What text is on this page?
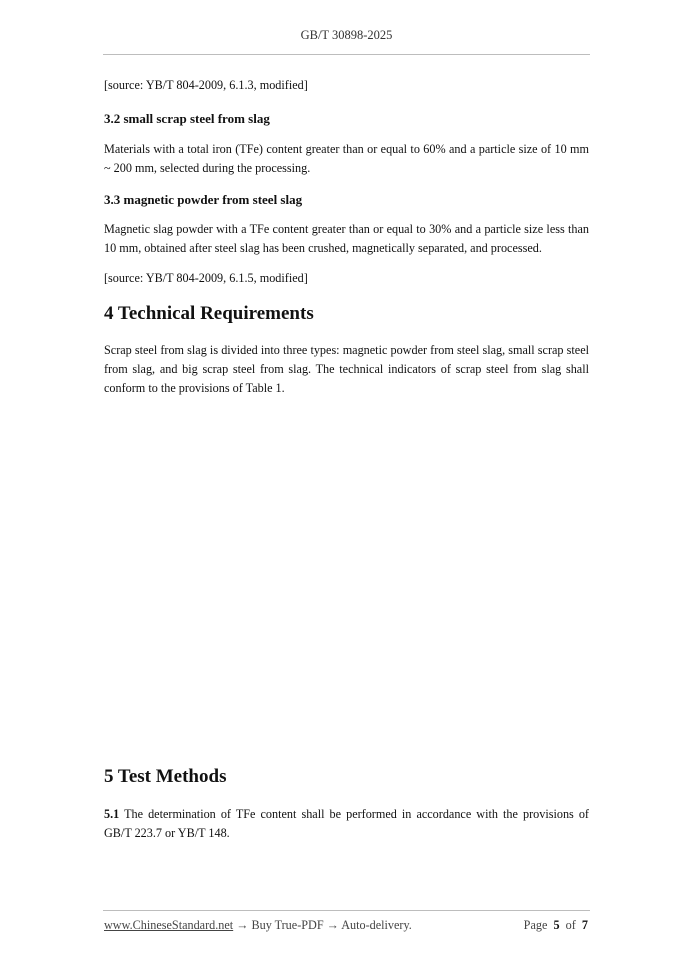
GB/T 30898-2025

[source: YB/T 804-2009, 6.1.3, modified]

3.2 small scrap steel from slag

Materials with a total iron (TFe) content greater than or equal to 60% and a particle size of 10 mm ~ 200 mm, selected during the processing.

3.3 magnetic powder from steel slag

Magnetic slag powder with a TFe content greater than or equal to 30% and a particle size less than 10 mm, obtained after steel slag has been crushed, magnetically separated, and processed.

[source: YB/T 804-2009, 6.1.5, modified]

4 Technical Requirements

Scrap steel from slag is divided into three types: magnetic powder from steel slag, small scrap steel from slag, and big scrap steel from slag. The technical indicators of scrap steel from slag shall conform to the provisions of Table 1.

5 Test Methods

5.1 The determination of TFe content shall be performed in accordance with the provisions of GB/T 223.7 or YB/T 148.

www.ChineseStandard.net → Buy True-PDF → Auto-delivery.	Page 5 of 7
